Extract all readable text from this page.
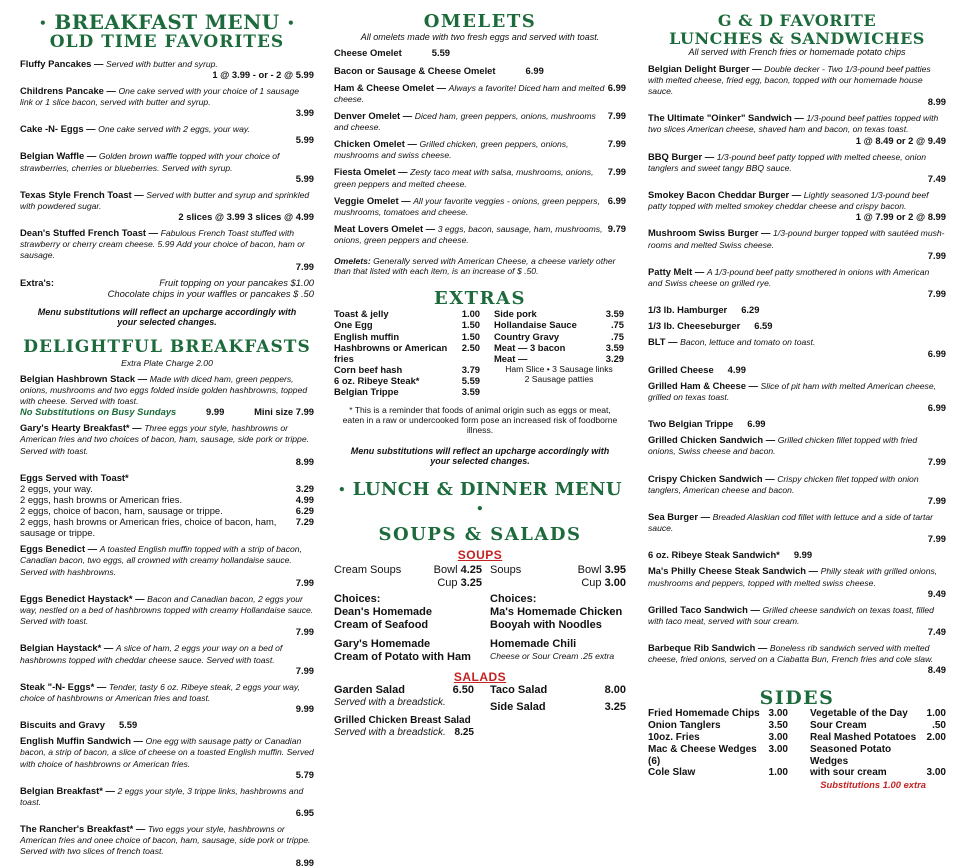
• BREAKFAST MENU •
OLD TIME FAVORITES
Fluffy Pancakes — Served with butter and syrup.
1 @ 3.99 - or - 2 @ 5.99
Childrens Pancake — One cake served with your choice of 1 sausage link or 1 slice bacon, served with butter and syrup.
3.99
Cake -N- Eggs — One cake served with 2 eggs, your way.
5.99
Belgian Waffle — Golden brown waffle topped with your choice of strawberries, cherries or blueberries. Served with syrup.
5.99
Texas Style French Toast — Served with butter and syrup and sprinkled with powdered sugar.
2 slices @ 3.99 3 slices @ 4.99
Dean's Stuffed French Toast — Fabulous French Toast stuffed with strawberry or cherry cream cheese. 5.99 Add your choice of bacon, ham or sausage.
7.99
Extra's:	Fruit topping on your pancakes $1.00
Chocolate chips in your waffles or pancakes $ .50
Menu substitutions will reflect an upcharge accordingly with your selected changes.
DELIGHTFUL BREAKFASTS
Extra Plate Charge 2.00
Belgian Hashbrown Stack — Made with diced ham, green peppers, onions, mushrooms and two eggs folded inside golden hashbrowns, topped with cheese. Served with toast.
No Substitutions on Busy Sundays	9.99	Mini size 7.99
Gary's Hearty Breakfast* — Three eggs your style, hashbrowns or American fries and two choices of bacon, ham, sausage, side pork or trippe. Served with toast.
8.99
Eggs Served with Toast*
2 eggs, your way.	3.29
2 eggs, hash browns or American fries.	4.99
2 eggs, choice of bacon, ham, sausage or trippe.	6.29
2 eggs, hash browns or American fries, choice of bacon, ham, sausage or trippe.
7.29
Eggs Benedict — A toasted English muffin topped with a strip of bacon, Canadian bacon, two eggs, all crowned with creamy hollandaise sauce. Served with hashbrowns.
7.99
Eggs Benedict Haystack* — Bacon and Canadian bacon, 2 eggs your way, nestled on a bed of hashbrowns topped with creamy Hollandaise sauce. Served with toast.
7.99
Belgian Haystack* — A slice of ham, 2 eggs your way on a bed of hashbrowns topped with cheddar cheese sauce. Served with toast.
7.99
Steak "-N- Eggs* — Tender, tasty 6 oz. Ribeye steak, 2 eggs your way, choice of hashbrowns or American fries and toast.
9.99
Biscuits and Gravy 5.59
English Muffin Sandwich — One egg with sausage patty or Canadian bacon, a strip of bacon, a slice of cheese on a toasted English muffin. Served with choice of hashbrowns or American fries.
5.79
Belgian Breakfast* — 2 eggs your style, 3 trippe links, hashbrowns and toast.
6.95
The Rancher's Breakfast* — Two eggs your style, hashbrowns or American fries and onee choice of bacon, ham, sausage, side pork or trippe. Served with two slices of french toast.
8.99
OMELETS
All omelets made with two fresh eggs and served with toast.
Cheese Omelet 5.59	
Bacon or Sausage & Cheese Omelet 6.99	
Ham & Cheese Omelet — Always a favorite! Diced ham and melted cheese.	6.99
Denver Omelet — Diced ham, green peppers, onions, mushrooms and cheese.	7.99
Chicken Omelet — Grilled chicken, green peppers, onions, mushrooms and swiss cheese.	7.99
Fiesta Omelet — Zesty taco meat with salsa, mushrooms, onions, green peppers and melted cheese.	7.99
Veggie Omelet — All your favorite veggies - onions, green peppers, mushrooms, tomatoes and cheese.	6.99
Meat Lovers Omelet — 3 eggs, bacon, sausage, ham, mushrooms, onions, green peppers and cheese.	9.79
Omelets: Generally served with American Cheese, a cheese variety other than that listed with each item, is an increase of $ .50.
EXTRAS
Toast & jelly	1.00
One Egg	1.50
English muffin	1.50
Hashbrowns or American fries	2.50
Corn beef hash	3.79
6 oz. Ribeye Steak*	5.59
Belgian Trippe	3.59
Side pork	3.59
Hollandaise Sauce	.75
Country Gravy	.75
Meat — 3 bacon	3.59
Meat —	3.29
Ham Slice • 3 Sausage links
2 Sausage patties
* This is a reminder that foods of animal origin such as eggs or meat, eaten in a raw or undercooked form pose an increased risk of foodborne illness.
Menu substitutions will reflect an upcharge accordingly with your selected changes.
• LUNCH & DINNER MENU •
SOUPS & SALADS
SOUPS
Cream Soups	Bowl 4.25
Cup 3.25
Choices:
Dean's Homemade
Cream of Seafood
Gary's Homemade
Cream of Potato with Ham
Soups	Bowl 3.95
Cup 3.00
Choices:
Ma's Homemade Chicken
Booyah with Noodles
Homemade Chili
Cheese or Sour Cream .25 extra
SALADS
Garden Salad	6.50
Served with a breadstick.
Grilled Chicken Breast Salad
Served with a breadstick. 8.25
Taco Salad	8.00
Side Salad	3.25
G & D FAVORITE
LUNCHES & SANDWICHES
All served with French fries or homemade potato chips
Belgian Delight Burger — Double decker - Two 1/3-pound beef patties with melted cheese, fried egg, bacon, topped with our homemade house sauce.
8.99
The Ultimate "Oinker" Sandwich — 1/3-pound beef patties topped with two slices American cheese, shaved ham and bacon, on texas toast.
1 @ 8.49 or 2 @ 9.49
BBQ Burger — 1/3-pound beef patty topped with melted cheese, onion tanglers and sweet tangy BBQ sauce.
7.49
Smokey Bacon Cheddar Burger — Lightly seasoned 1/3-pound beef patty topped with melted smokey cheddar cheese and crispy bacon.
1 @ 7.99 or 2 @ 8.99
Mushroom Swiss Burger — 1/3-pound burger topped with sautéed mush-rooms and melted Swiss cheese.
7.99
Patty Melt — A 1/3-pound beef patty smothered in onions with American and Swiss cheese on grilled rye.
7.99
1/3 lb. Hamburger 6.29
1/3 lb. Cheeseburger 6.59
BLT — Bacon, lettuce and tomato on toast.
6.99
Grilled Cheese 4.99
Grilled Ham & Cheese — Slice of pit ham with melted American cheese, grilled on texas toast.
6.99
Two Belgian Trippe 6.99
Grilled Chicken Sandwich — Grilled chicken fillet topped with fried onions, Swiss cheese and bacon.
7.99
Crispy Chicken Sandwich — Crispy chicken filet topped with onion tanglers, American cheese and bacon.
7.99
Sea Burger — Breaded Alaskian cod fillet with lettuce and a side of tartar sauce.
7.99
6 oz. Ribeye Steak Sandwich* 9.99
Ma's Philly Cheese Steak Sandwich — Philly steak with grilled onions, mushrooms and peppers, topped with melted swiss cheese.
9.49
Grilled Taco Sandwich — Grilled cheese sandwich on texas toast, filled with taco meat, served with sour cream.
7.49
Barbeque Rib Sandwich — Boneless rib sandwich served with melted cheese, fried onions, served on a Ciabatta Bun, French fries and cole slaw.
8.49
SIDES
Fried Homemade Chips	3.00
Onion Tanglers	3.50
10oz. Fries	3.00
Mac & Cheese Wedges (6)	3.00
Cole Slaw	1.00
Vegetable of the Day	1.00
Sour Cream	.50
Real Mashed Potatoes	2.00
Seasoned Potato Wedges	
with sour cream	3.00
Substitutions 1.00 extra
